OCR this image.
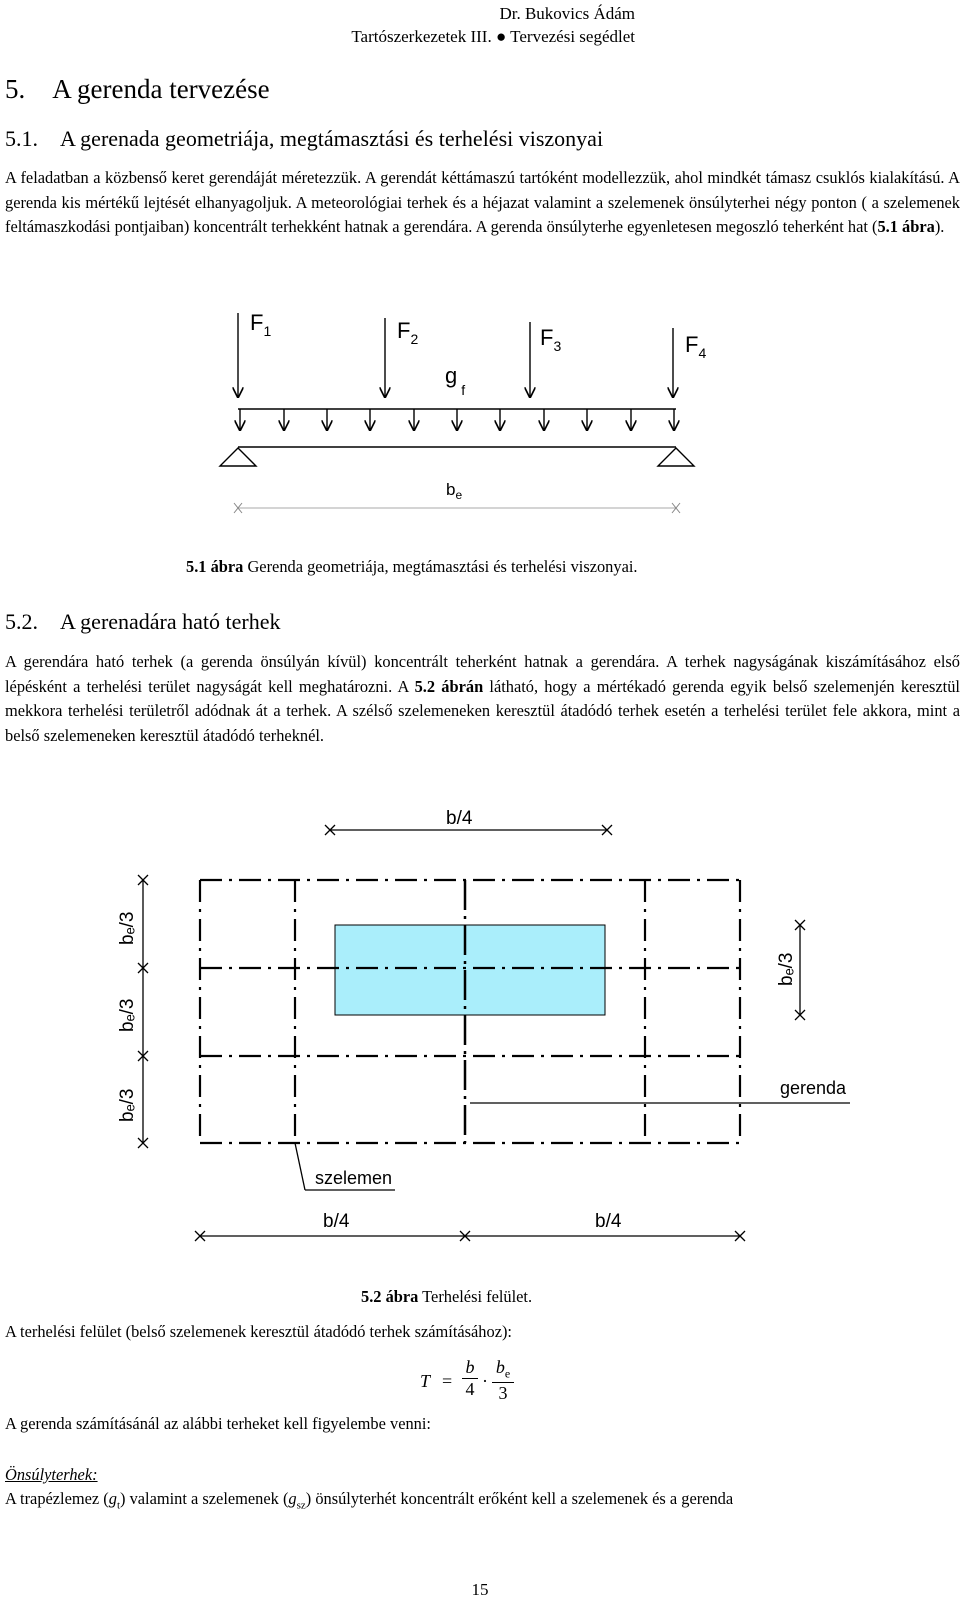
Dr. Bukovics Ádám
Tartószerkezetek III. ● Tervezési segédlet
5. A gerenda tervezése
5.1. A gerenada geometriája, megtámasztási és terhelési viszonyai
A feladatban a közbenső keret gerendáját méretezzük. A gerendát kéttámaszú tartóként modellezzük, ahol mindkét támasz csuklós kialakítású. A gerenda kis mértékű lejtését elhanyagoljuk. A meteorológiai terhek és a héjazat valamint a szelemenek önsúlyterhei négy ponton ( a szelemenek feltámaszkodási pontjaiban) koncentrált terhekként hatnak a gerendára. A gerenda önsúlyterhe egyenletesen megoszló teherként hat (5.1 ábra).
$F_1$	$F_2$	$F_3$	$F_4$
$g_f$
$b_e$
5.1 ábra Gerenda geometriája, megtámasztási és terhelési viszonyai.
5.2. A gerenadára ható terhek
A gerendára ható terhek (a gerenda önsúlyán kívül) koncentrált teherként hatnak a gerendára. A terhek nagyságának kiszámításához első lépésként a terhelési terület nagyságát kell meghatározni. A 5.2 ábrán látható, hogy a mértékadó gerenda egyik belső szelemenjén keresztül mekkora terhelési területről adódnak át a terhek. A szélső szelemeneken keresztül átadódó terhek esetén a terhelési terület fele akkora, mint a belső szelemeneken keresztül átadódó terheknél.
b/4
bₑ/3
bₑ/3
bₑ/3
bₑ/3
gerenda
szelemen
b/4	b/4
5.2 ábra Terhelési felület.
A terhelési felület (belső szelemenek keresztül átadódó terhek számításához):
$T = \frac{b}{4} \cdot \frac{b_e}{3}$
A gerenda számításánál az alábbi terheket kell figyelembe venni:
Önsúlyterhek:
A trapézlemez $(g_t)$ valamint a szelemenek $(g_{sz})$ önsúlyterhét koncentrált erőként kell a szelemenek és a gerenda
15
